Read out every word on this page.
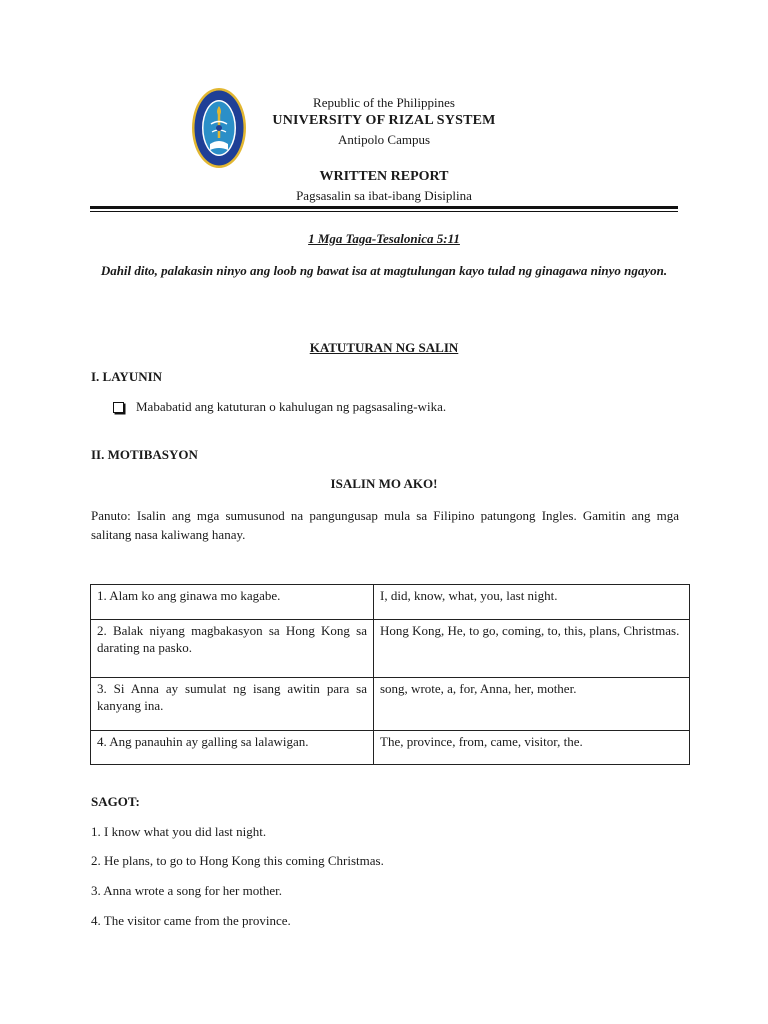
Republic of the Philippines
UNIVERSITY OF RIZAL SYSTEM
Antipolo Campus
WRITTEN REPORT
Pagsasalin sa ibat-ibang Disiplina
1 Mga Taga-Tesalonica 5:11
Dahil dito, palakasin ninyo ang loob ng bawat isa at magtulungan kayo tulad ng ginagawa ninyo ngayon.
KATUTURAN NG SALIN
I. LAYUNIN
Mababatid ang katuturan o kahulugan ng pagsasaling-wika.
II. MOTIBASYON
ISALIN MO AKO!
Panuto: Isalin ang mga sumusunod na pangungusap mula sa Filipino patungong Ingles. Gamitin ang mga salitang nasa kaliwang hanay.
1. Alam ko ang ginawa mo kagabe.	I, did, know, what, you, last night.
2. Balak niyang magbakasyon sa Hong Kong sa darating na pasko.	Hong Kong, He, to go, coming, to, this, plans, Christmas.
3. Si Anna ay sumulat ng isang awitin para sa kanyang ina.	song, wrote, a, for, Anna, her, mother.
4. Ang panauhin ay galling sa lalawigan.	The, province, from, came, visitor, the.
SAGOT:
1. I know what you did last night.
2. He plans, to go to Hong Kong this coming Christmas.
3. Anna wrote a song for her mother.
4. The visitor came from the province.
